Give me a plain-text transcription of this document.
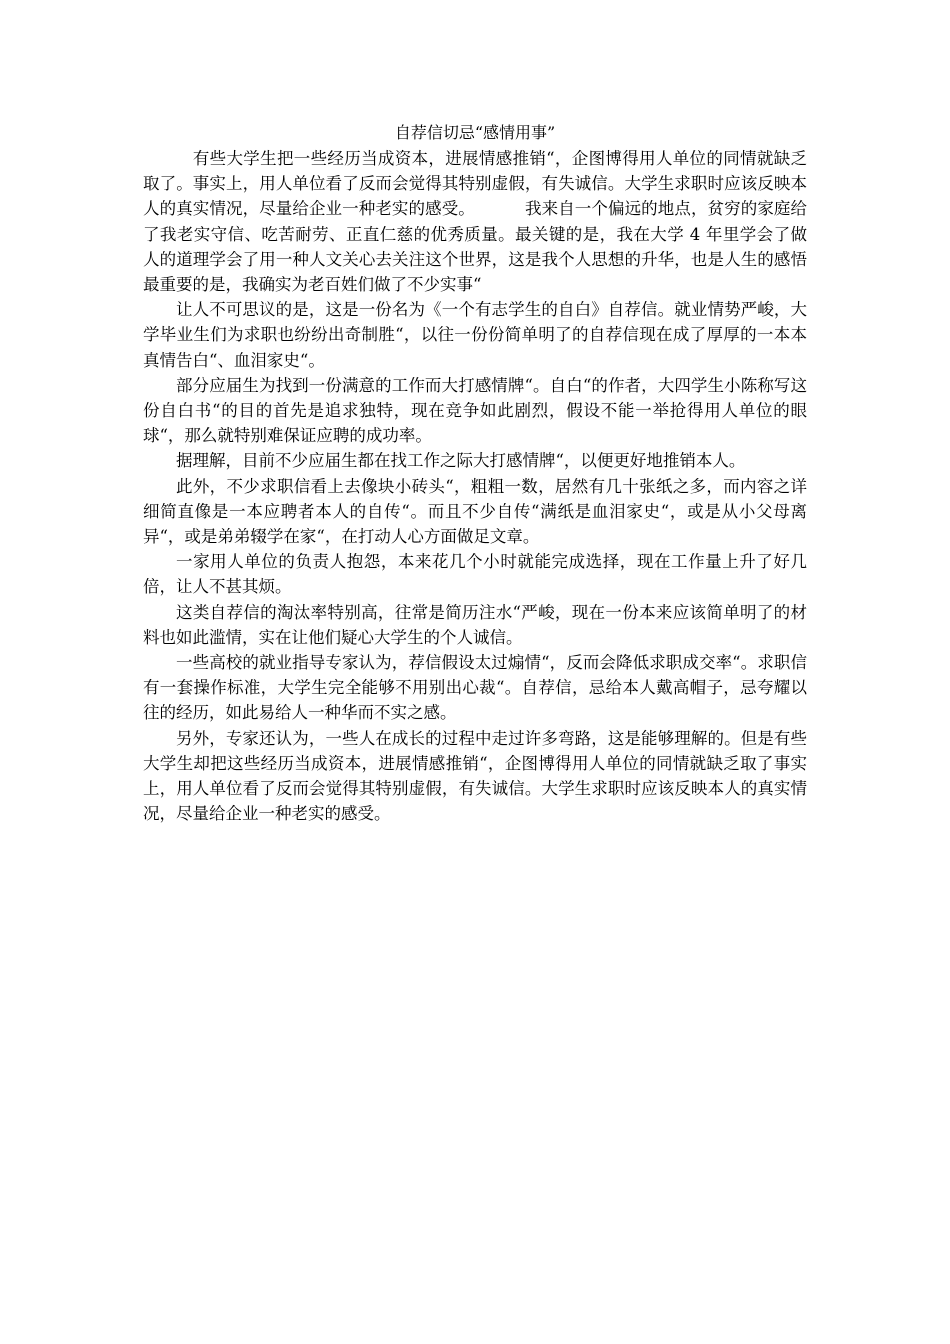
自荐信切忌“感情用事”

　有些大学生把一些经历当成资本，进展情感推销“，企图博得用人单位的同情就缺乏取了。事实上，用人单位看了反而会觉得其特别虚假，有失诚信。大学生求职时应该反映本人的真实情况，尽量给企业一种老实的感受。	我来自一个偏远的地点，贫穷的家庭给了我老实守信、吃苦耐劳、正直仁慈的优秀质量。最关键的是，我在大学 4 年里学会了做人的道理学会了用一种人文关心去关注这个世界，这是我个人思想的升华，也是人生的感悟最重要的是，我确实为老百姓们做了不少实事“

让人不可思议的是，这是一份名为《一个有志学生的自白》自荐信。就业情势严峻，大学毕业生们为求职也纷纷出奇制胜“，以往一份份简单明了的自荐信现在成了厚厚的一本本真情告白“、血泪家史“。

部分应届生为找到一份满意的工作而大打感情牌“。自白“的作者，大四学生小陈称写这份自白书“的目的首先是追求独特，现在竞争如此剧烈，假设不能一举抢得用人单位的眼球“，那么就特别难保证应聘的成功率。

据理解，目前不少应届生都在找工作之际大打感情牌“，以便更好地推销本人。

此外，不少求职信看上去像块小砖头“，粗粗一数，居然有几十张纸之多，而内容之详细简直像是一本应聘者本人的自传“。而且不少自传“满纸是血泪家史“，或是从小父母离异“，或是弟弟辍学在家“，在打动人心方面做足文章。

一家用人单位的负责人抱怨，本来花几个小时就能完成选择，现在工作量上升了好几倍，让人不甚其烦。

这类自荐信的淘汰率特别高，往常是简历注水“严峻，现在一份本来应该简单明了的材料也如此滥情，实在让他们疑心大学生的个人诚信。

一些高校的就业指导专家认为，荐信假设太过煽情“，反而会降低求职成交率“。求职信有一套操作标准，大学生完全能够不用别出心裁“。自荐信，忌给本人戴高帽子，忌夸耀以往的经历，如此易给人一种华而不实之感。

另外，专家还认为，一些人在成长的过程中走过许多弯路，这是能够理解的。但是有些大学生却把这些经历当成资本，进展情感推销“，企图博得用人单位的同情就缺乏取了事实上，用人单位看了反而会觉得其特别虚假，有失诚信。大学生求职时应该反映本人的真实情况，尽量给企业一种老实的感受。
